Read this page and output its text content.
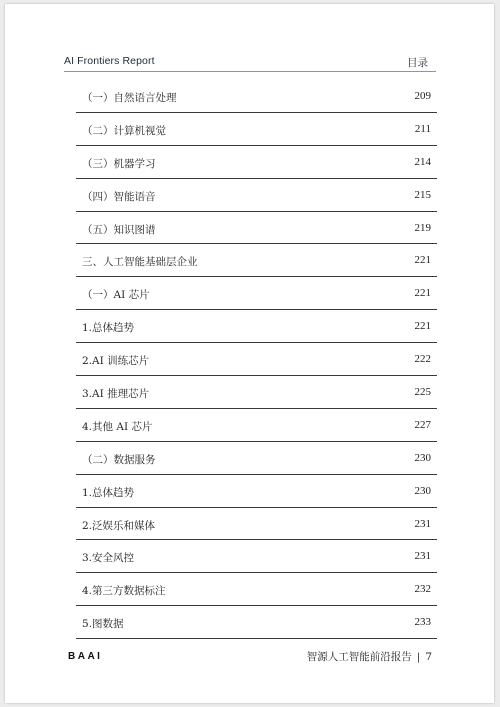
AI Frontiers Report	目录
（一）自然语言处理	209
（二）计算机视觉	211
（三）机器学习	214
（四）智能语音	215
（五）知识图谱	219
三、人工智能基础层企业	221
（一）AI 芯片	221
1.总体趋势	221
2.AI 训练芯片	222
3.AI 推理芯片	225
4.其他 AI 芯片	227
（二）数据服务	230
1.总体趋势	230
2.泛娱乐和媒体	231
3.安全风控	231
4.第三方数据标注	232
5.图数据	233
BAAI	智源人工智能前沿报告 | 7
